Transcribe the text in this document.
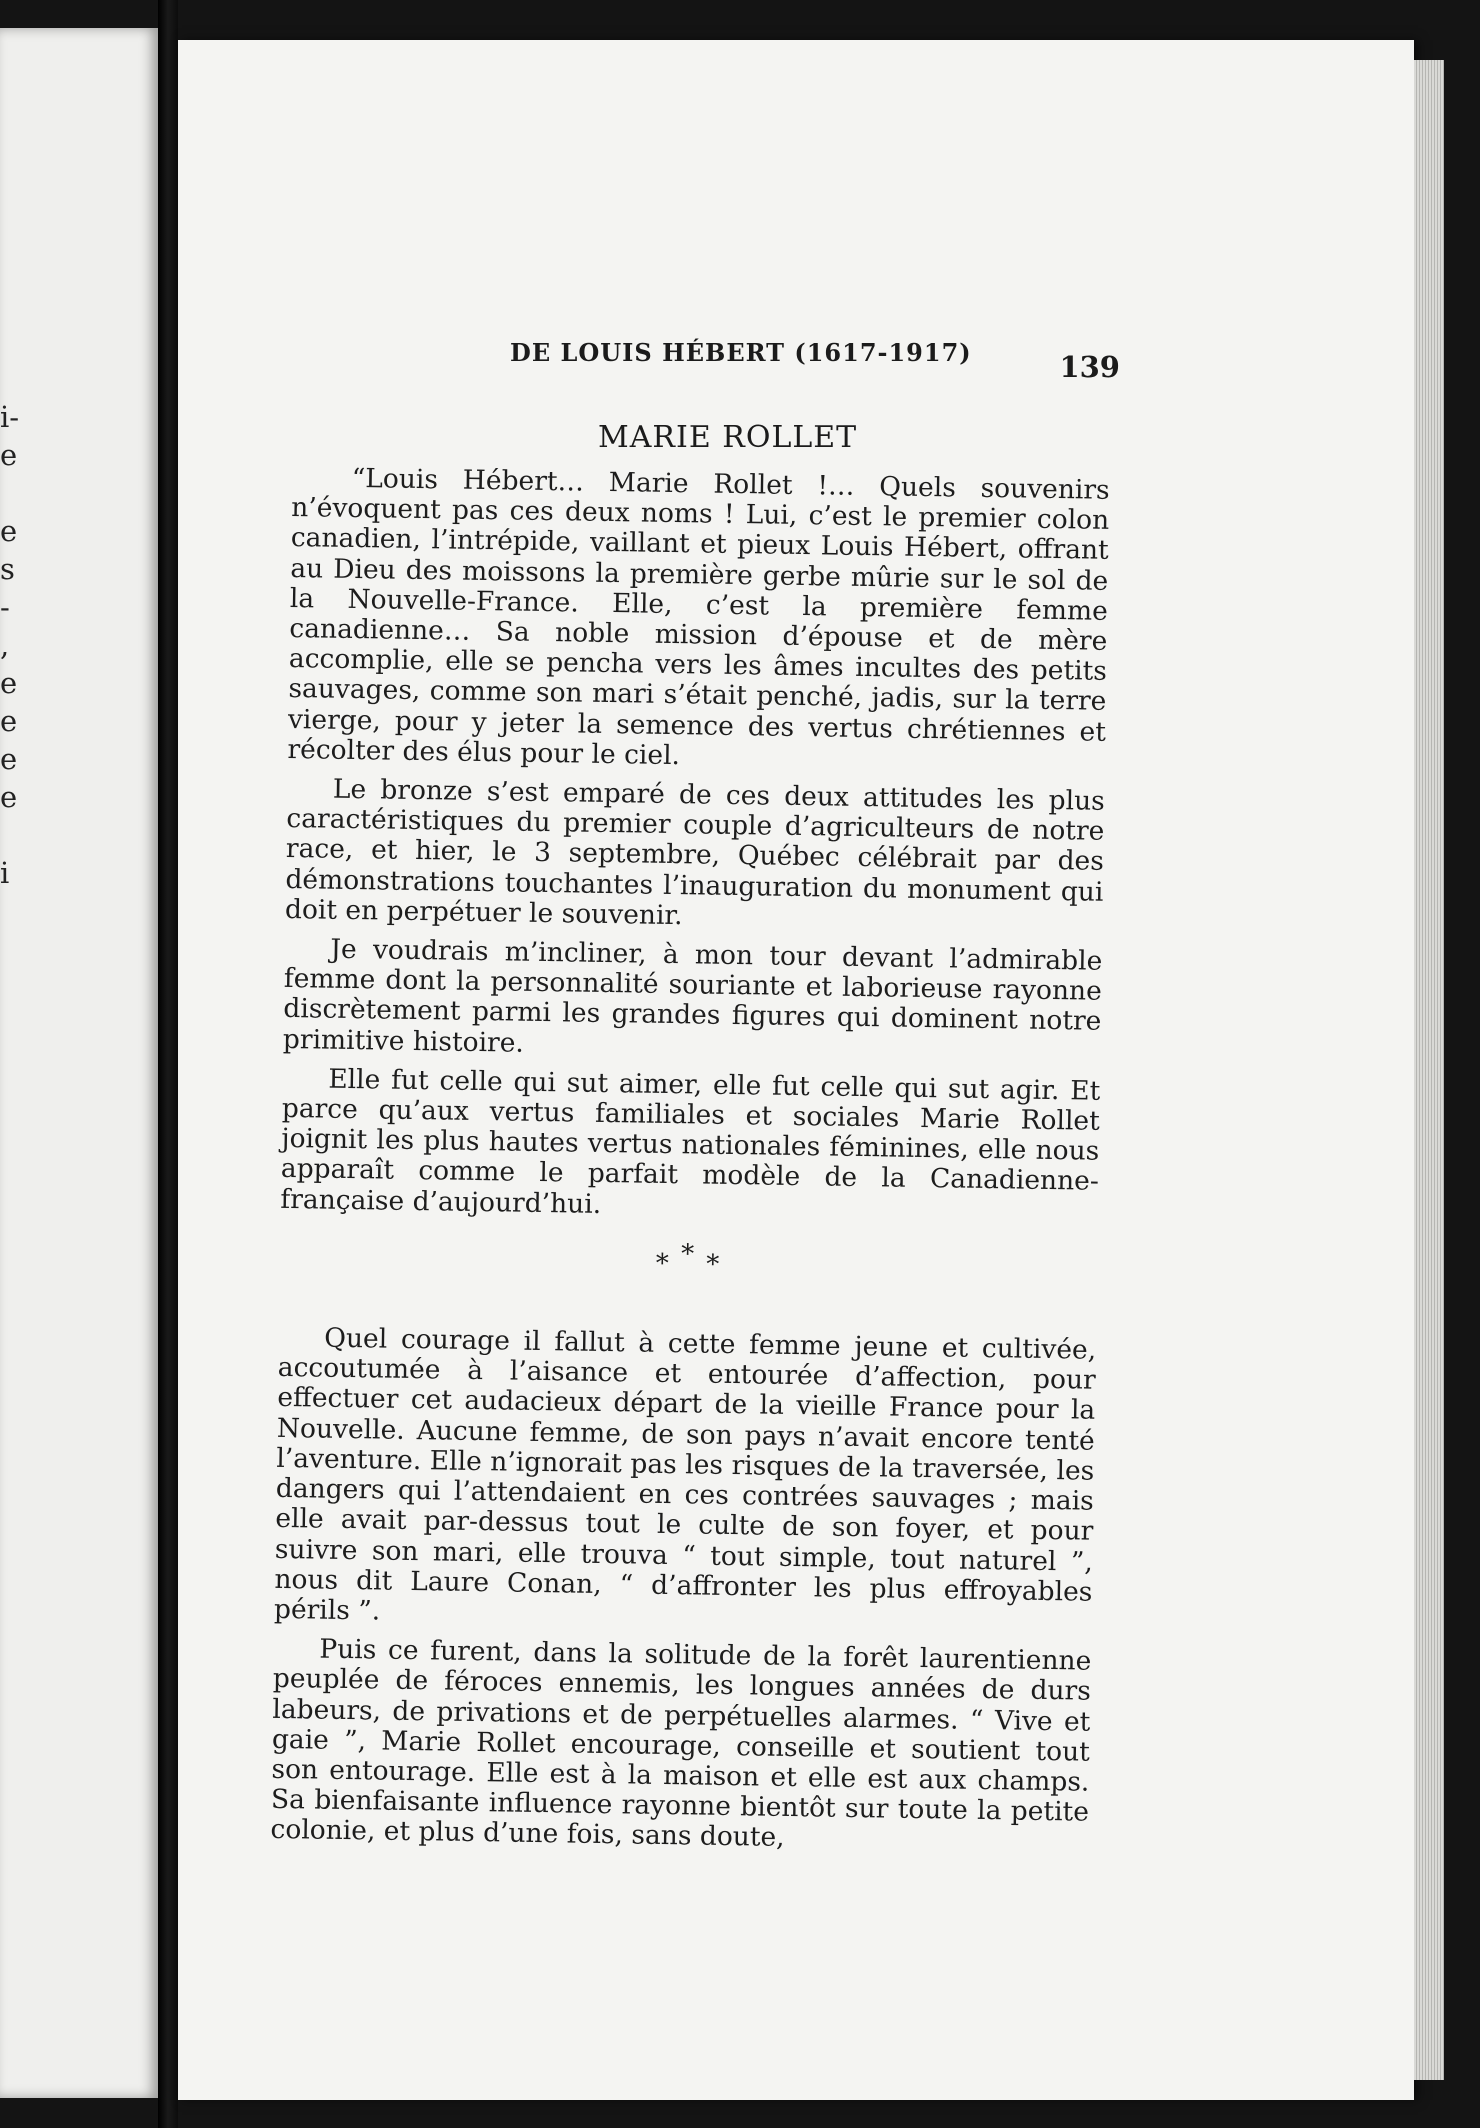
i-
e

e
s
-
,
e
e
e
e

i
DE LOUIS HÉBERT (1617-1917)	139
MARIE ROLLET

“Louis Hébert… Marie Rollet !… Quels souvenirs n’évoquent pas ces deux noms ! Lui, c’est le premier colon canadien, l’intrépide, vaillant et pieux Louis Hébert, offrant au Dieu des moissons la première gerbe mûrie sur le sol de la Nouvelle-France. Elle, c’est la première femme canadienne… Sa noble mission d’épouse et de mère accomplie, elle se pencha vers les âmes incultes des petits sauvages, comme son mari s’était penché, jadis, sur la terre vierge, pour y jeter la semence des vertus chrétiennes et récolter des élus pour le ciel.

Le bronze s’est emparé de ces deux attitudes les plus caractéristiques du premier couple d’agriculteurs de notre race, et hier, le 3 septembre, Québec célébrait par des démonstrations touchantes l’inauguration du monument qui doit en perpétuer le souvenir.

Je voudrais m’incliner, à mon tour devant l’admirable femme dont la personnalité souriante et laborieuse rayonne discrètement parmi les grandes figures qui dominent notre primitive histoire.

Elle fut celle qui sut aimer, elle fut celle qui sut agir. Et parce qu’aux vertus familiales et sociales Marie Rollet joignit les plus hautes vertus nationales féminines, elle nous apparaît comme le parfait modèle de la Canadienne-française d’aujourd’hui.

* * *

Quel courage il fallut à cette femme jeune et cultivée, accoutumée à l’aisance et entourée d’affection, pour effectuer cet audacieux départ de la vieille France pour la Nouvelle. Aucune femme, de son pays n’avait encore tenté l’aventure. Elle n’ignorait pas les risques de la traversée, les dangers qui l’attendaient en ces contrées sauvages ; mais elle avait par-dessus tout le culte de son foyer, et pour suivre son mari, elle trouva “ tout simple, tout naturel ”, nous dit Laure Conan, “ d’affronter les plus effroyables périls ”.

Puis ce furent, dans la solitude de la forêt laurentienne peuplée de féroces ennemis, les longues années de durs labeurs, de privations et de perpétuelles alarmes. “ Vive et gaie ”, Marie Rollet encourage, conseille et soutient tout son entourage. Elle est à la maison et elle est aux champs. Sa bienfaisante influence rayonne bientôt sur toute la petite colonie, et plus d’une fois, sans doute,
